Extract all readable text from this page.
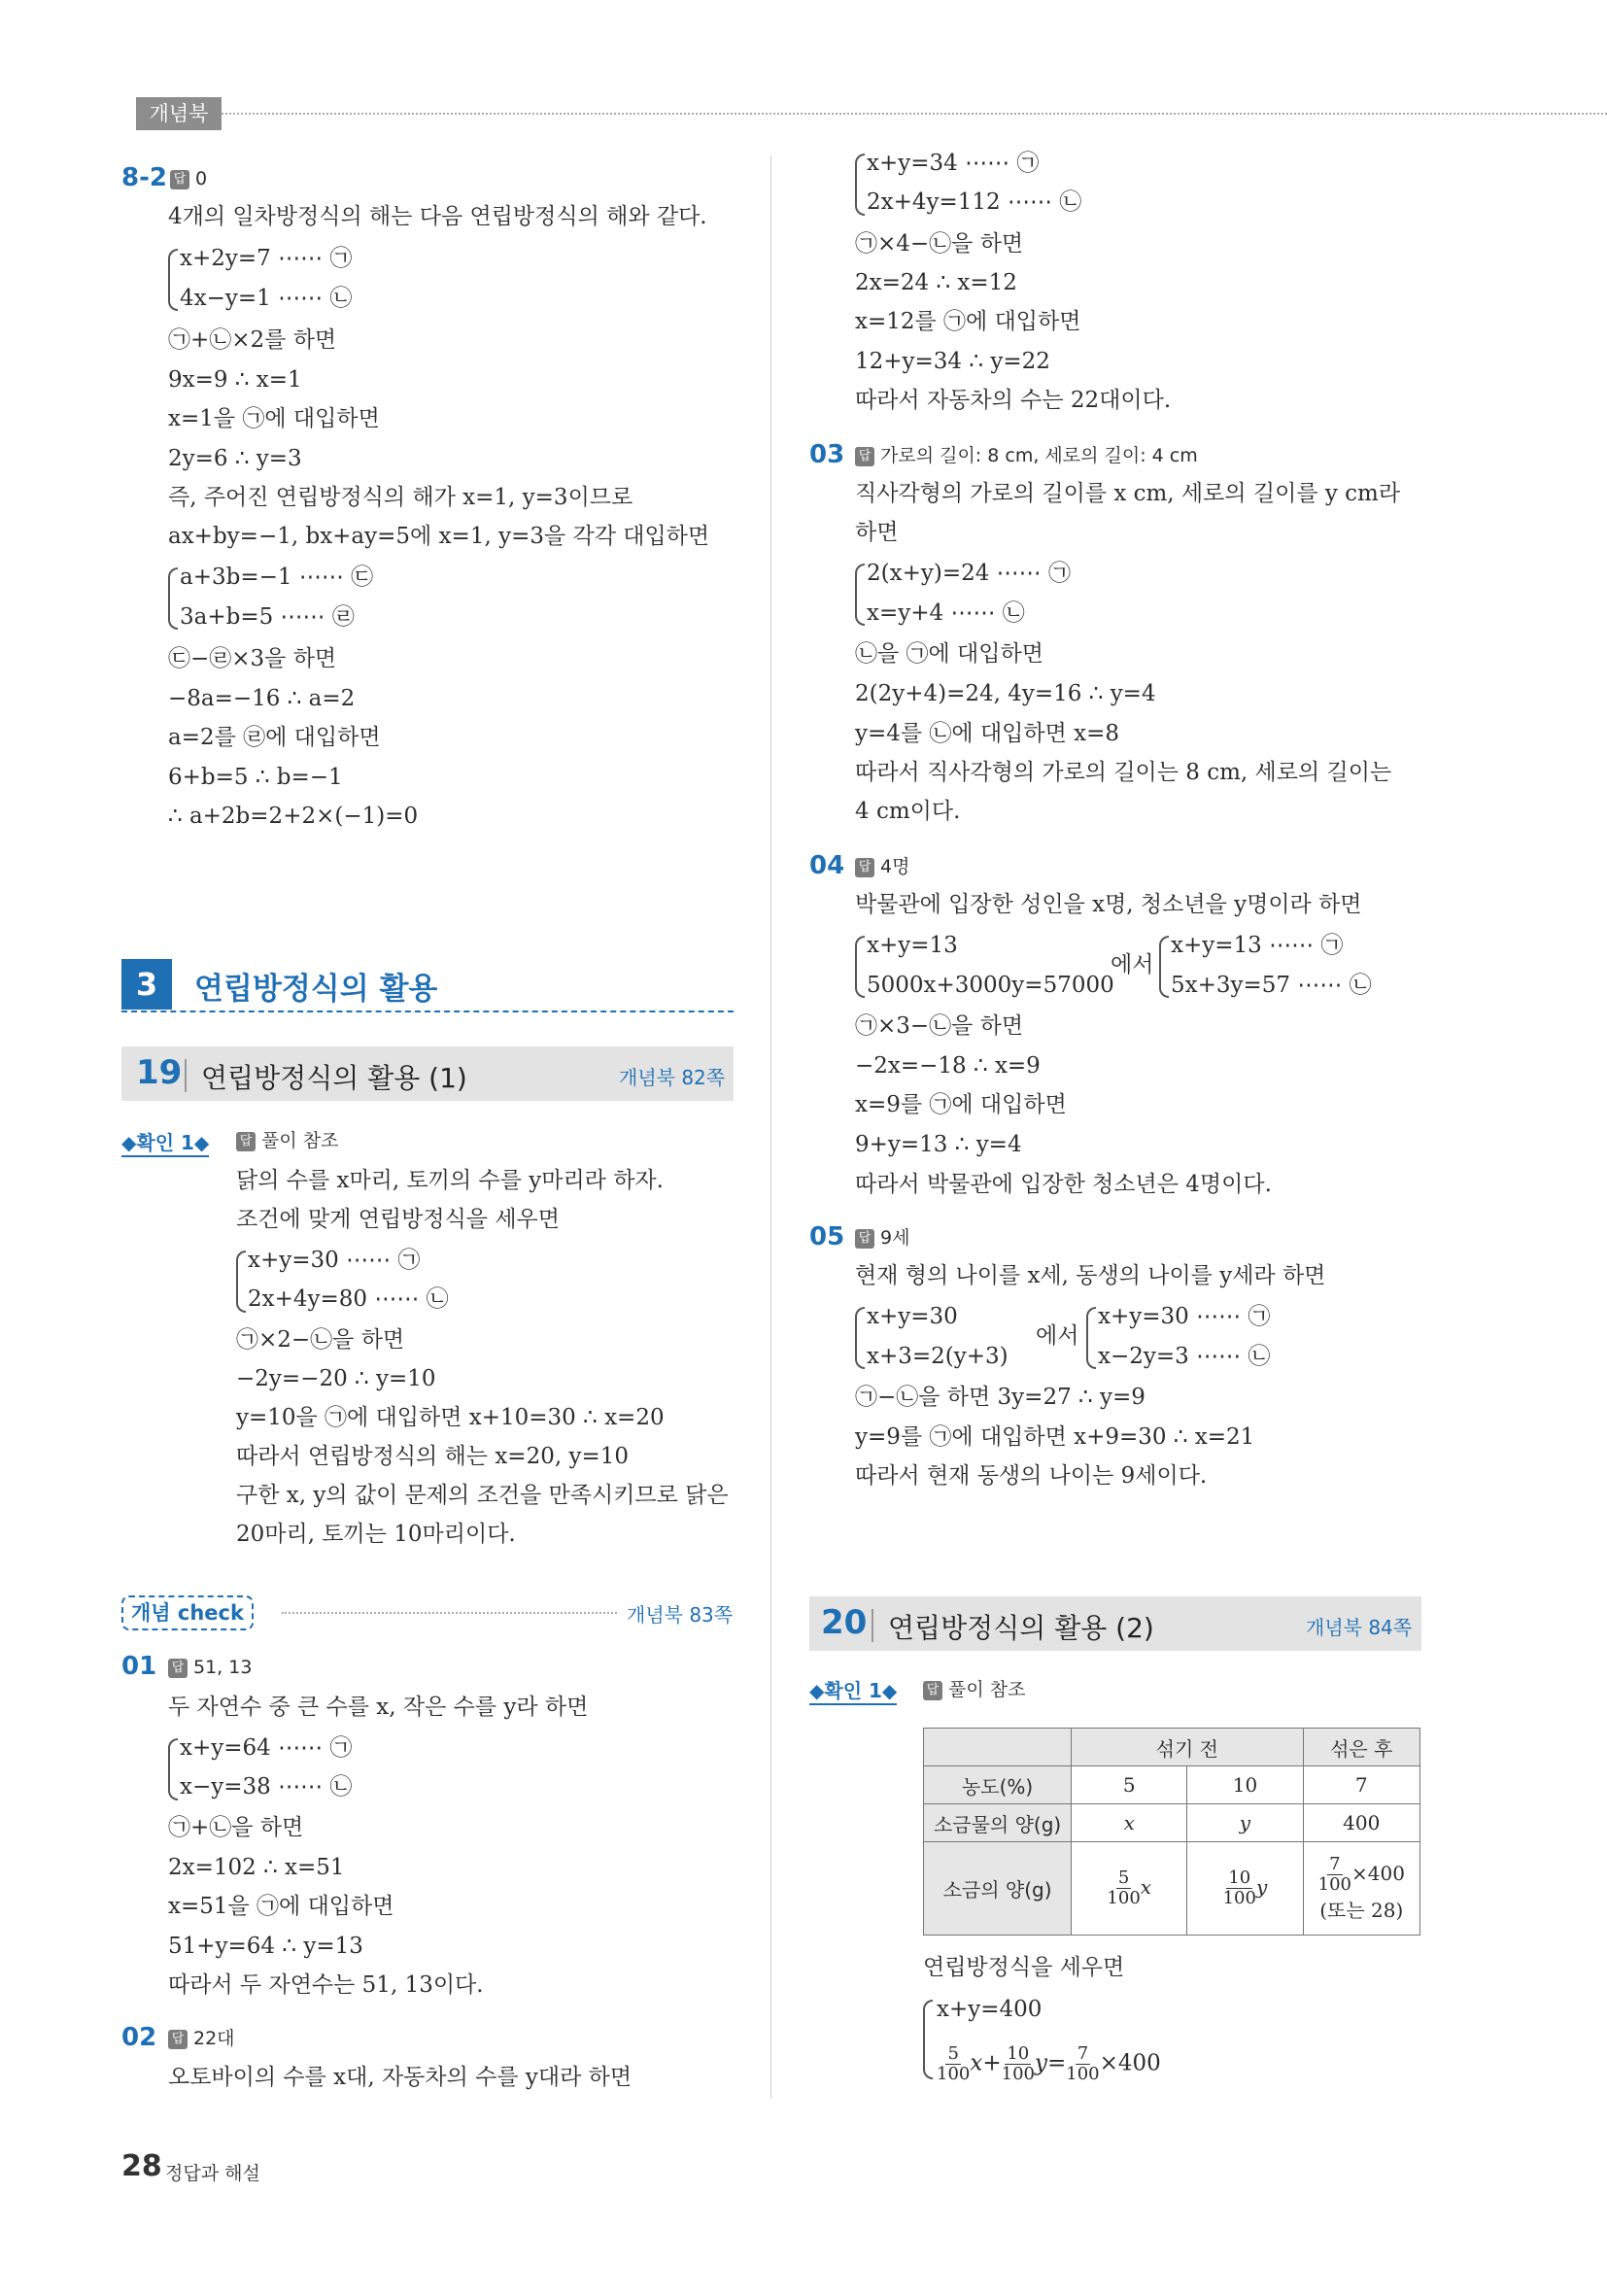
개념북
8-2 답 0
4개의 일차방정식의 해는 다음 연립방정식의 해와 같다.
x+2y=7 ⋯⋯ ㉠
4x−y=1 ⋯⋯ ㉡
㉠+㉡×2를 하면
9x=9 ∴ x=1
x=1을 ㉠에 대입하면
2y=6 ∴ y=3
즉, 주어진 연립방정식의 해가 x=1, y=3이므로
ax+by=−1, bx+ay=5에 x=1, y=3을 각각 대입하면
a+3b=−1 ⋯⋯ ㉢
3a+b=5 ⋯⋯ ㉣
㉢−㉣×3을 하면
−8a=−16 ∴ a=2
a=2를 ㉣에 대입하면
6+b=5 ∴ b=−1
∴ a+2b=2+2×(−1)=0
3	연립방정식의 활용
19 연립방정식의 활용 (1)	개념북 82쪽
◆확인 1◆ 답 풀이 참조
닭의 수를 x마리, 토끼의 수를 y마리라 하자.
조건에 맞게 연립방정식을 세우면
x+y=30 ⋯⋯ ㉠
2x+4y=80 ⋯⋯ ㉡
㉠×2−㉡을 하면
−2y=−20 ∴ y=10
y=10을 ㉠에 대입하면 x+10=30 ∴ x=20
따라서 연립방정식의 해는 x=20, y=10
구한 x, y의 값이 문제의 조건을 만족시키므로 닭은
20마리, 토끼는 10마리이다.
개념 check	개념북 83쪽
01 답 51, 13
두 자연수 중 큰 수를 x, 작은 수를 y라 하면
x+y=64 ⋯⋯ ㉠
x−y=38 ⋯⋯ ㉡
㉠+㉡을 하면
2x=102 ∴ x=51
x=51을 ㉠에 대입하면
51+y=64 ∴ y=13
따라서 두 자연수는 51, 13이다.
02 답 22대
오토바이의 수를 x대, 자동차의 수를 y대라 하면
x+y=34 ⋯⋯ ㉠
2x+4y=112 ⋯⋯ ㉡
㉠×4−㉡을 하면
2x=24 ∴ x=12
x=12를 ㉠에 대입하면
12+y=34 ∴ y=22
따라서 자동차의 수는 22대이다.
03 답 가로의 길이: 8 cm, 세로의 길이: 4 cm
직사각형의 가로의 길이를 x cm, 세로의 길이를 y cm라
하면
2(x+y)=24 ⋯⋯ ㉠
x=y+4 ⋯⋯ ㉡
㉡을 ㉠에 대입하면
2(2y+4)=24, 4y=16 ∴ y=4
y=4를 ㉡에 대입하면 x=8
따라서 직사각형의 가로의 길이는 8 cm, 세로의 길이는
4 cm이다.
04 답 4명
박물관에 입장한 성인을 x명, 청소년을 y명이라 하면
x+y=13
5000x+3000y=57000
에서
x+y=13 ⋯⋯ ㉠
5x+3y=57 ⋯⋯ ㉡
㉠×3−㉡을 하면
−2x=−18 ∴ x=9
x=9를 ㉠에 대입하면
9+y=13 ∴ y=4
따라서 박물관에 입장한 청소년은 4명이다.
05 답 9세
현재 형의 나이를 x세, 동생의 나이를 y세라 하면
x+y=30
x+3=2(y+3)
에서
x+y=30 ⋯⋯ ㉠
x−2y=3 ⋯⋯ ㉡
㉠−㉡을 하면 3y=27 ∴ y=9
y=9를 ㉠에 대입하면 x+9=30 ∴ x=21
따라서 현재 동생의 나이는 9세이다.
20 연립방정식의 활용 (2)	개념북 84쪽
◆확인 1◆ 답 풀이 참조
	섞기 전		섞은 후
농도(%)	5	10	7
소금물의 양(g)	x	y	400
소금의 양(g)	$\frac{5}{100}$ x	$\frac{10}{100}$ y	$\frac{7}{100} \times 400$
(또는 28)
연립방정식을 세우면
x+y=400
$\frac{5}{100} x+ \frac{10}{100} y= \frac{7}{100} \times 400$
28 정답과 해설
